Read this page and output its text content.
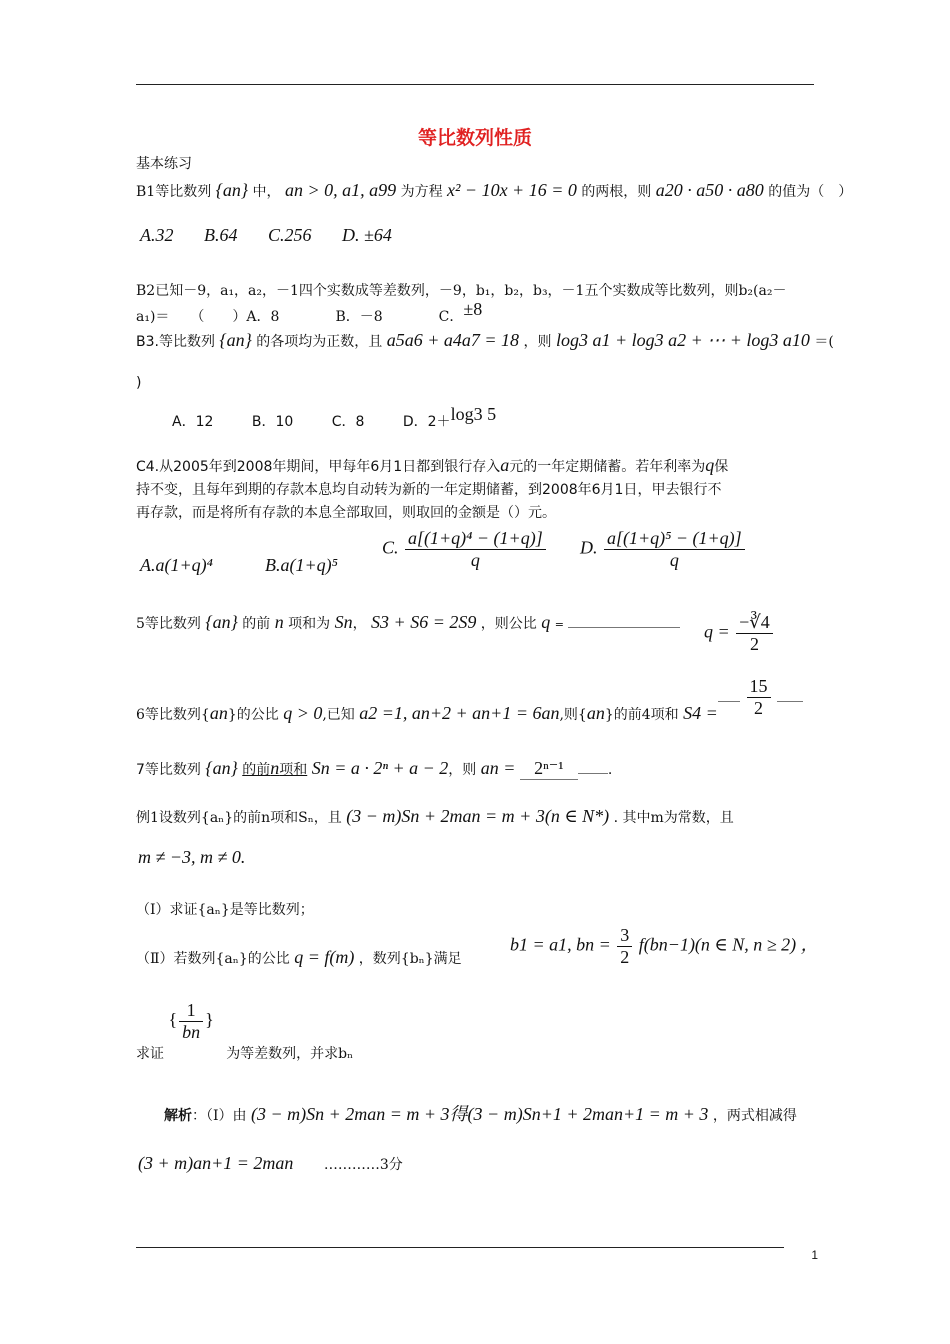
等比数列性质
基本练习
B1等比数列 {an} 中， an > 0, a1, a99 为方程 x² − 10x + 16 = 0 的两根，则 a20 · a50 · a80 的值为（　）
A.32 B.64 C.256 D. ±64
B2已知－9，a₁，a₂，－1四个实数成等差数列，－9，b₁，b₂，b₃，－1五个实数成等比数列，则b₂(a₂－
a₁)＝　　（　　）A．8　　　　B．－8　　　　C．±8
B3.等比数列 {an} 的各项均为正数，且 a5a6 + a4a7 = 18 ，则 log3 a1 + log3 a2 + ⋯ + log3 a10 ＝(
)
A．12	B．10	C．8	D．2＋log3 5
C4.从2005年到2008年期间，甲每年6月1日都到银行存入a元的一年定期储蓄。若年利率为q保
持不变，且每年到期的存款本息均自动转为新的一年定期储蓄，到2008年6月1日，甲去银行不
再存款，而是将所有存款的本息全部取回，则取回的金额是（）元。
A.a(1+q)⁴	B.a(1+q)⁵
C. $\frac{\text{a[(1+q)⁴ − (1+q)]}}{q} D$. $\frac{\text{a[(1+q)⁵ − (1+q)]}}{q}$
5等比数列 {an} 的前 n 项和为 Sn， S3 + S6 = 2S9 ，则公比 q =	$q = \frac{-∛4}{2}$
6等比数列{an}的公比 q > 0,已知 a2 =1, an+2 + an+1 = 6an,则{an}的前4项和 S4 =
$\frac{15}{2}$

7等比数列 {an} 的前n项和 Sn = a · 2ⁿ + a − 2，则 an = 2ⁿ⁻¹	.
例1设数列{aₙ}的前n项和Sₙ，且 (3 − m)Sn + 2man = m + 3(n ∈ N*) . 其中m为常数，且
m ≠ −3, m ≠ 0.
（Ⅰ）求证{aₙ}是等比数列；
（Ⅱ）若数列{aₙ}的公比 q = f(m) ，数列{bₙ}满足
b1 = a1, bn = $\frac{3}{2} f(bn-1)(n$ ∈ N, n ≥ 2) ，
求证 { $\frac{1}{bn}$ } 为等差数列，并求bₙ
解析：（Ⅰ）由 (3 − m)Sn + 2man = m + 3得(3 − m)Sn+1 + 2man+1 = m + 3 ，两式相减得
(3 + m)an+1 = 2man …………3分
1
